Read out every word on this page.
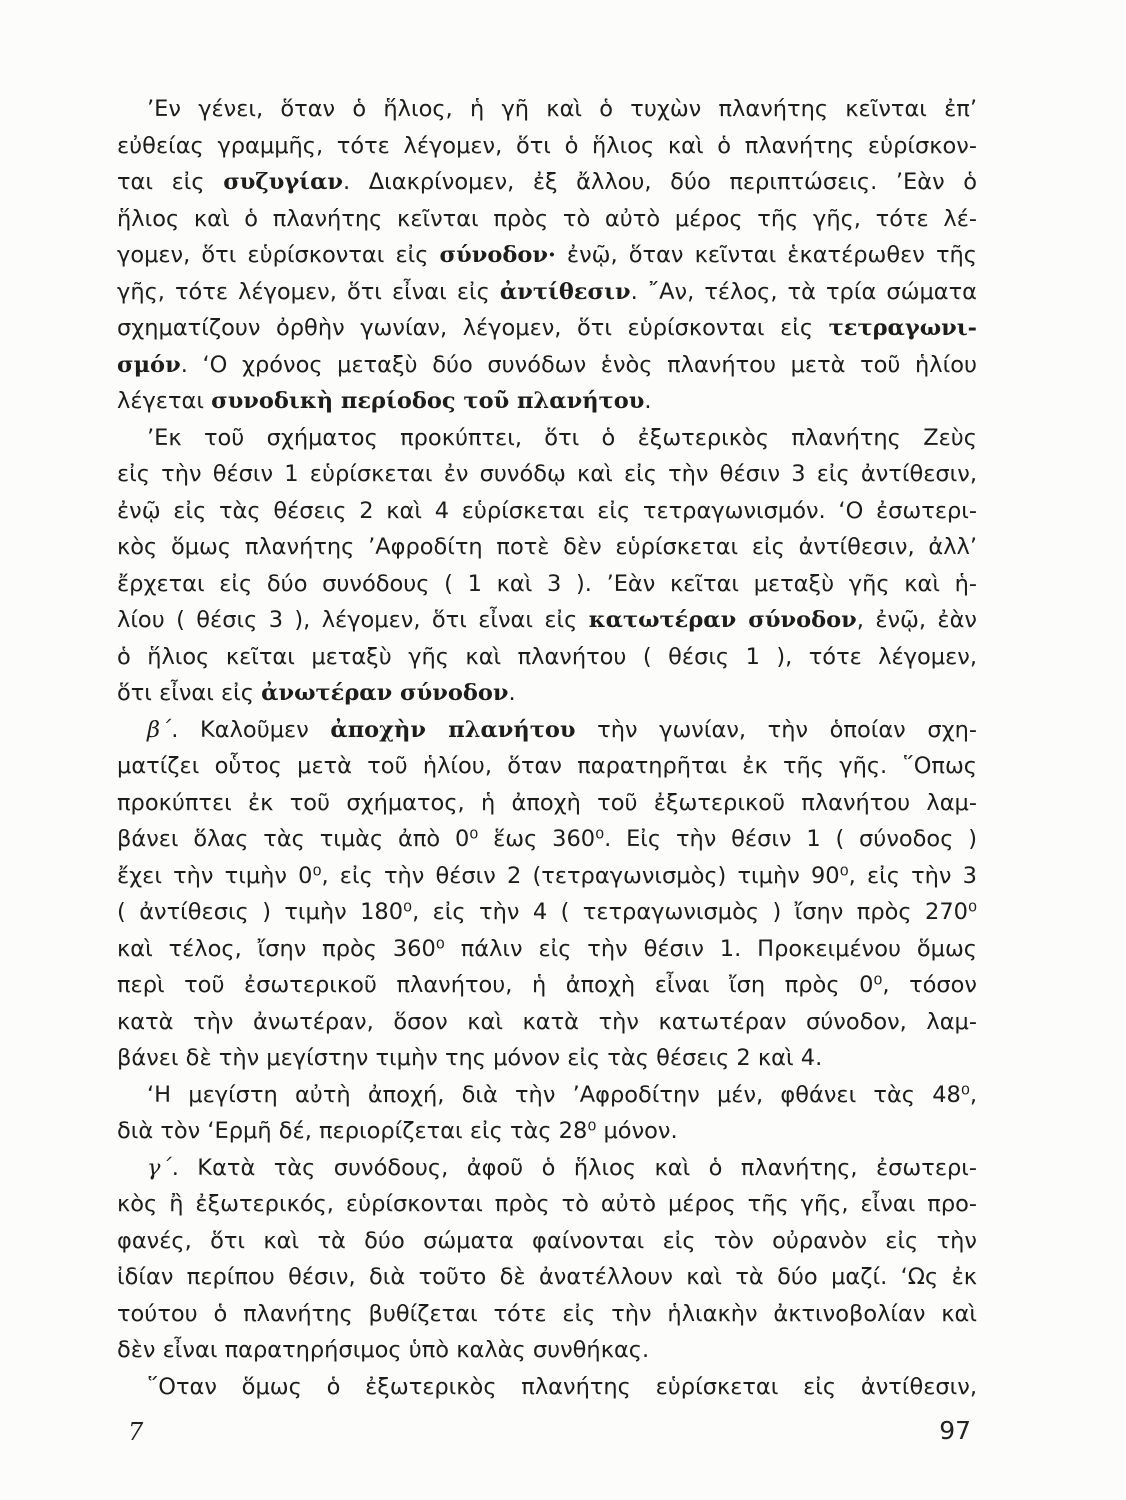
’Εν γένει, ὅταν ὁ ἥλιος, ἡ γῆ καὶ ὁ τυχὼν πλανήτης κεῖνται ἐπ’
εὐθείας γραμμῆς, τότε λέγομεν, ὅτι ὁ ἥλιος καὶ ὁ πλανήτης εὑρίσκον-
ται εἰς συζυγίαν. Διακρίνομεν, ἐξ ἄλλου, δύο περιπτώσεις. ’Εὰν ὁ
ἥλιος καὶ ὁ πλανήτης κεῖνται πρὸς τὸ αὐτὸ μέρος τῆς γῆς, τότε λέ-
γομεν, ὅτι εὑρίσκονται εἰς σύνοδον· ἐνῷ, ὅταν κεῖνται ἑκατέρωθεν τῆς
γῆς, τότε λέγομεν, ὅτι εἶναι εἰς ἀντίθεσιν. ῎Αν, τέλος, τὰ τρία σώματα
σχηματίζουν ὀρθὴν γωνίαν, λέγομεν, ὅτι εὑρίσκονται εἰς τετραγωνι-
σμόν. ‘Ο χρόνος μεταξὺ δύο συνόδων ἑνὸς πλανήτου μετὰ τοῦ ἡλίου
λέγεται συνοδικὴ περίοδος τοῦ πλανήτου.
’Εκ τοῦ σχήματος προκύπτει, ὅτι ὁ ἐξωτερικὸς πλανήτης Ζεὺς
εἰς τὴν θέσιν 1 εὑρίσκεται ἐν συνόδῳ καὶ εἰς τὴν θέσιν 3 εἰς ἀντίθεσιν,
ἐνῷ εἰς τὰς θέσεις 2 καὶ 4 εὑρίσκεται εἰς τετραγωνισμόν. ‘Ο ἐσωτερι-
κὸς ὅμως πλανήτης ’Αφροδίτη ποτὲ δὲν εὑρίσκεται εἰς ἀντίθεσιν, ἀλλ’
ἔρχεται εἰς δύο συνόδους ( 1 καὶ 3 ). ’Εὰν κεῖται μεταξὺ γῆς καὶ ἡ-
λίου ( θέσις 3 ), λέγομεν, ὅτι εἶναι εἰς κατωτέραν σύνοδον, ἐνῷ, ἐὰν
ὁ ἥλιος κεῖται μεταξὺ γῆς καὶ πλανήτου ( θέσις 1 ), τότε λέγομεν,
ὅτι εἶναι εἰς ἀνωτέραν σύνοδον.
β΄. Καλοῦμεν ἀποχὴν πλανήτου τὴν γωνίαν, τὴν ὁποίαν σχη-
ματίζει οὗτος μετὰ τοῦ ἡλίου, ὅταν παρατηρῆται ἐκ τῆς γῆς. ῞Οπως
προκύπτει ἐκ τοῦ σχήματος, ἡ ἀποχὴ τοῦ ἐξωτερικοῦ πλανήτου λαμ-
βάνει ὅλας τὰς τιμὰς ἀπὸ 0⁰ ἕως 360⁰. Εἰς τὴν θέσιν 1 ( σύνοδος )
ἔχει τὴν τιμὴν 0⁰, εἰς τὴν θέσιν 2 (τετραγωνισμὸς) τιμὴν 90⁰, εἰς τὴν 3
( ἀντίθεσις ) τιμὴν 180⁰, εἰς τὴν 4 ( τετραγωνισμὸς ) ἴσην πρὸς 270⁰
καὶ τέλος, ἴσην πρὸς 360⁰ πάλιν εἰς τὴν θέσιν 1. Προκειμένου ὅμως
περὶ τοῦ ἐσωτερικοῦ πλανήτου, ἡ ἀποχὴ εἶναι ἴση πρὸς 0⁰, τόσον
κατὰ τὴν ἀνωτέραν, ὅσον καὶ κατὰ τὴν κατωτέραν σύνοδον, λαμ-
βάνει δὲ τὴν μεγίστην τιμὴν της μόνον εἰς τὰς θέσεις 2 καὶ 4.
‘Η μεγίστη αὐτὴ ἀποχή, διὰ τὴν ’Αφροδίτην μέν, φθάνει τὰς 48⁰,
διὰ τὸν ‘Ερμῆ δέ, περιορίζεται εἰς τὰς 28⁰ μόνον.
γ΄. Κατὰ τὰς συνόδους, ἀφοῦ ὁ ἥλιος καὶ ὁ πλανήτης, ἐσωτερι-
κὸς ἢ ἐξωτερικός, εὑρίσκονται πρὸς τὸ αὐτὸ μέρος τῆς γῆς, εἶναι προ-
φανές, ὅτι καὶ τὰ δύο σώματα φαίνονται εἰς τὸν οὐρανὸν εἰς τὴν
ἰδίαν περίπου θέσιν, διὰ τοῦτο δὲ ἀνατέλλουν καὶ τὰ δύο μαζί. ‘Ως ἐκ
τούτου ὁ πλανήτης βυθίζεται τότε εἰς τὴν ἡλιακὴν ἀκτινοβολίαν καὶ
δὲν εἶναι παρατηρήσιμος ὑπὸ καλὰς συνθήκας.
῞Οταν ὅμως ὁ ἐξωτερικὸς πλανήτης εὑρίσκεται εἰς ἀντίθεσιν,
7	97
